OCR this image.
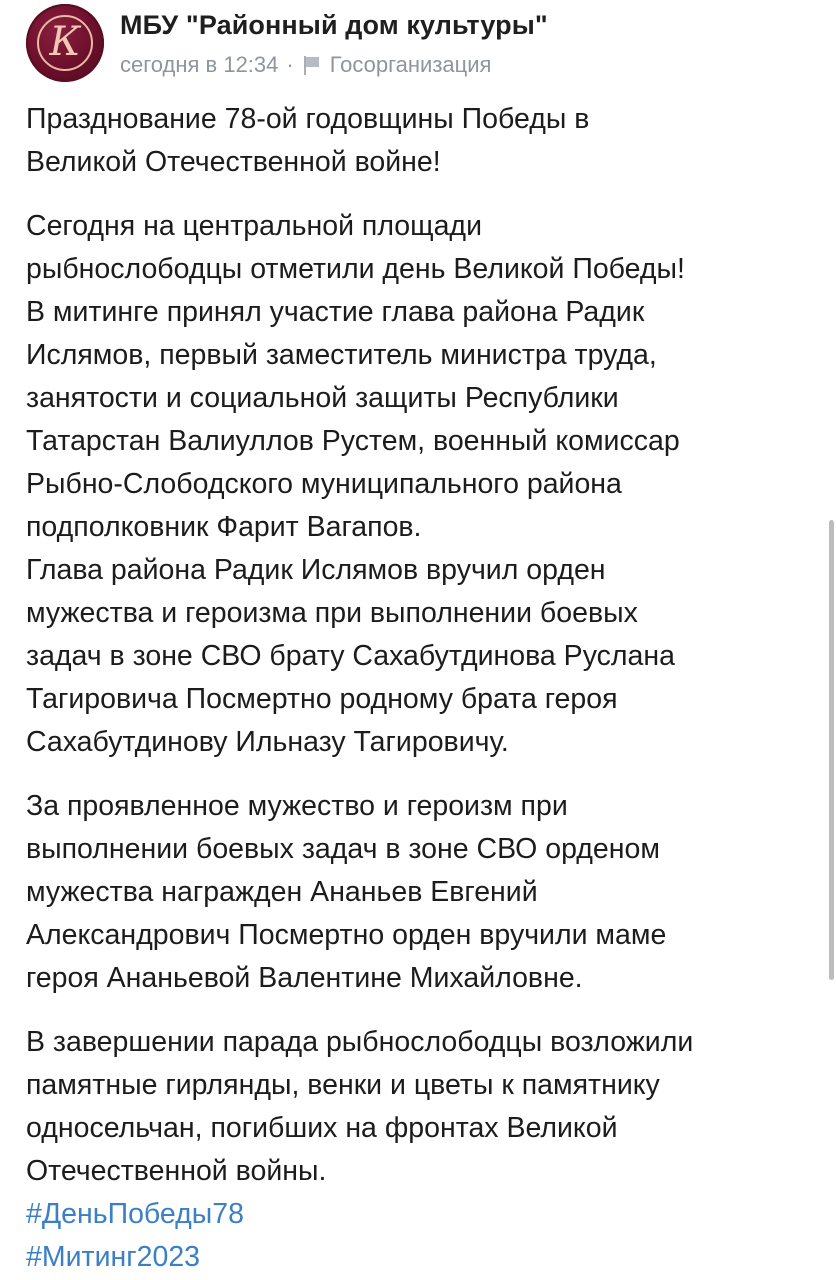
К МБУ "Районный дом культуры"
сегодня в 12:34 · Госорганизация

Празднование 78-ой годовщины Победы в
Великой Отечественной войне!

Сегодня на центральной площади
рыбнослободцы отметили день Великой Победы!
В митинге принял участие глава района Радик
Ислямов, первый заместитель министра труда,
занятости и социальной защиты Республики
Татарстан Валиуллов Рустем, военный комиссар
Рыбно-Слободского муниципального района
подполковник Фарит Вагапов.
Глава района Радик Ислямов вручил орден
мужества и героизма при выполнении боевых
задач в зоне СВО брату Сахабутдинова Руслана
Тагировича Посмертно родному брата героя
Сахабутдинову Ильназу Тагировичу.

За проявленное мужество и героизм при
выполнении боевых задач в зоне СВО орденом
мужества награжден Ананьев Евгений
Александрович Посмертно орден вручили маме
героя Ананьевой Валентине Михайловне.

В завершении парада рыбнослободцы возложили
памятные гирлянды, венки и цветы к памятнику
односельчан, погибших на фронтах Великой
Отечественной войны.

#ДеньПобеды78
#Митинг2023
